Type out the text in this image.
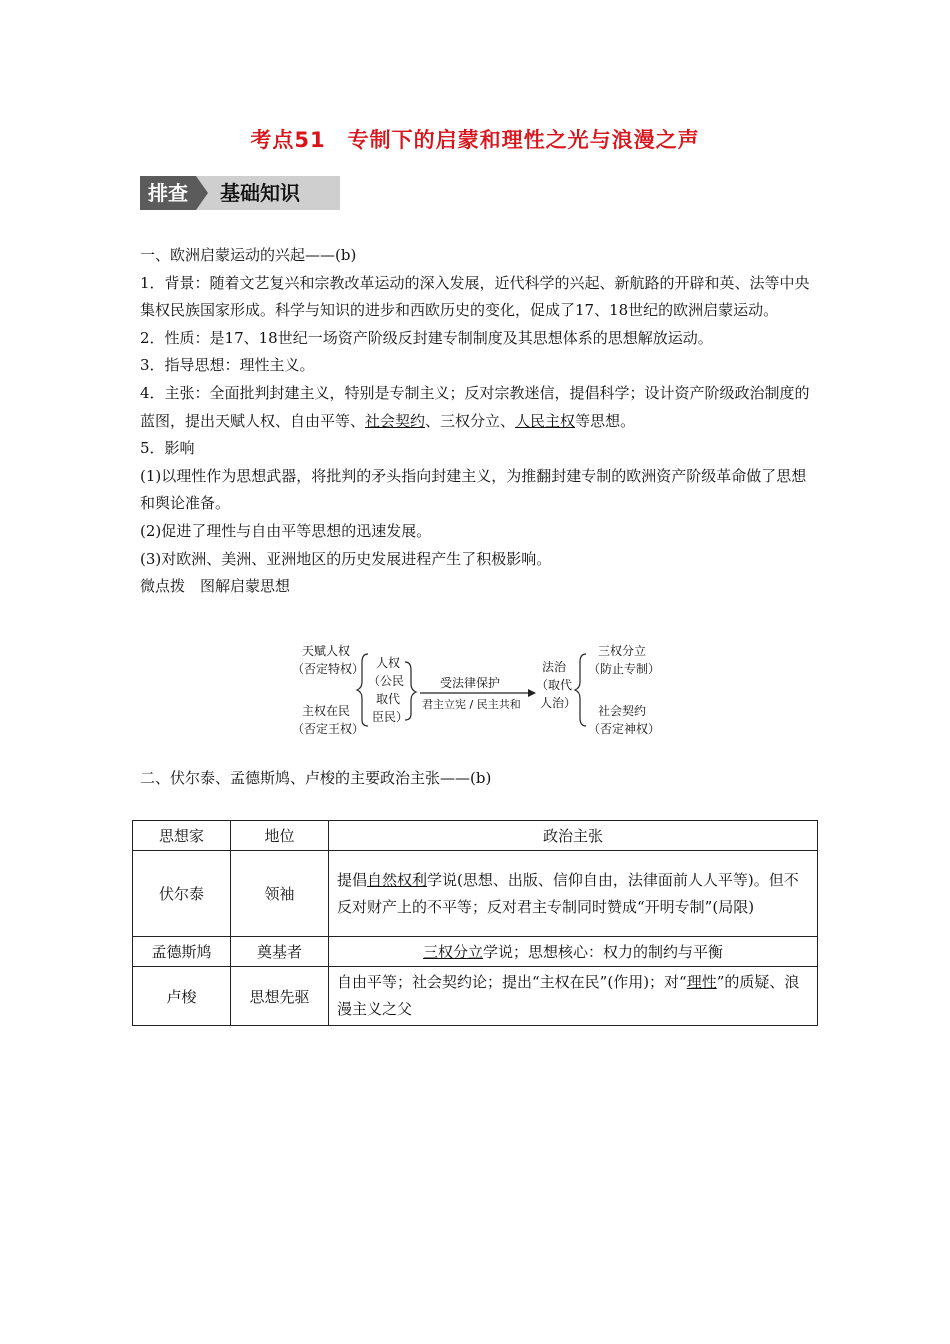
考点51　专制下的启蒙和理性之光与浪漫之声
排查	基础知识

一、欧洲启蒙运动的兴起——(b)

1．背景：随着文艺复兴和宗教改革运动的深入发展，近代科学的兴起、新航路的开辟和英、法等中央集权民族国家形成。科学与知识的进步和西欧历史的变化，促成了17、18世纪的欧洲启蒙运动。

2．性质：是17、18世纪一场资产阶级反封建专制制度及其思想体系的思想解放运动。

3．指导思想：理性主义。

4．主张：全面批判封建主义，特别是专制主义；反对宗教迷信，提倡科学；设计资产阶级政治制度的蓝图，提出天赋人权、自由平等、社会契约、三权分立、人民主权等思想。

5．影响

(1)以理性作为思想武器，将批判的矛头指向封建主义，为推翻封建专制的欧洲资产阶级革命做了思想和舆论准备。

(2)促进了理性与自由平等思想的迅速发展。

(3)对欧洲、美洲、亚洲地区的历史发展进程产生了积极影响。

微点拨　图解启蒙思想

天赋人权
（否定特权）
主权在民
（否定王权）
人权
（公民
取代
臣民）
受法律保护
君主立宪 / 民主共和
法治
（取代
人治）
三权分立
（防止专制）
社会契约
（否定神权）
二、伏尔泰、孟德斯鸠、卢梭的主要政治主张——(b)
思想家	地位	政治主张
伏尔泰	领袖	提倡自然权利学说(思想、出版、信仰自由，法律面前人人平等)。但不反对财产上的不平等；反对君主专制同时赞成“开明专制”(局限)
孟德斯鸠	奠基者	三权分立学说；思想核心：权力的制约与平衡
卢梭	思想先驱	自由平等；社会契约论；提出“主权在民”(作用)；对“理性”的质疑、浪漫主义之父
